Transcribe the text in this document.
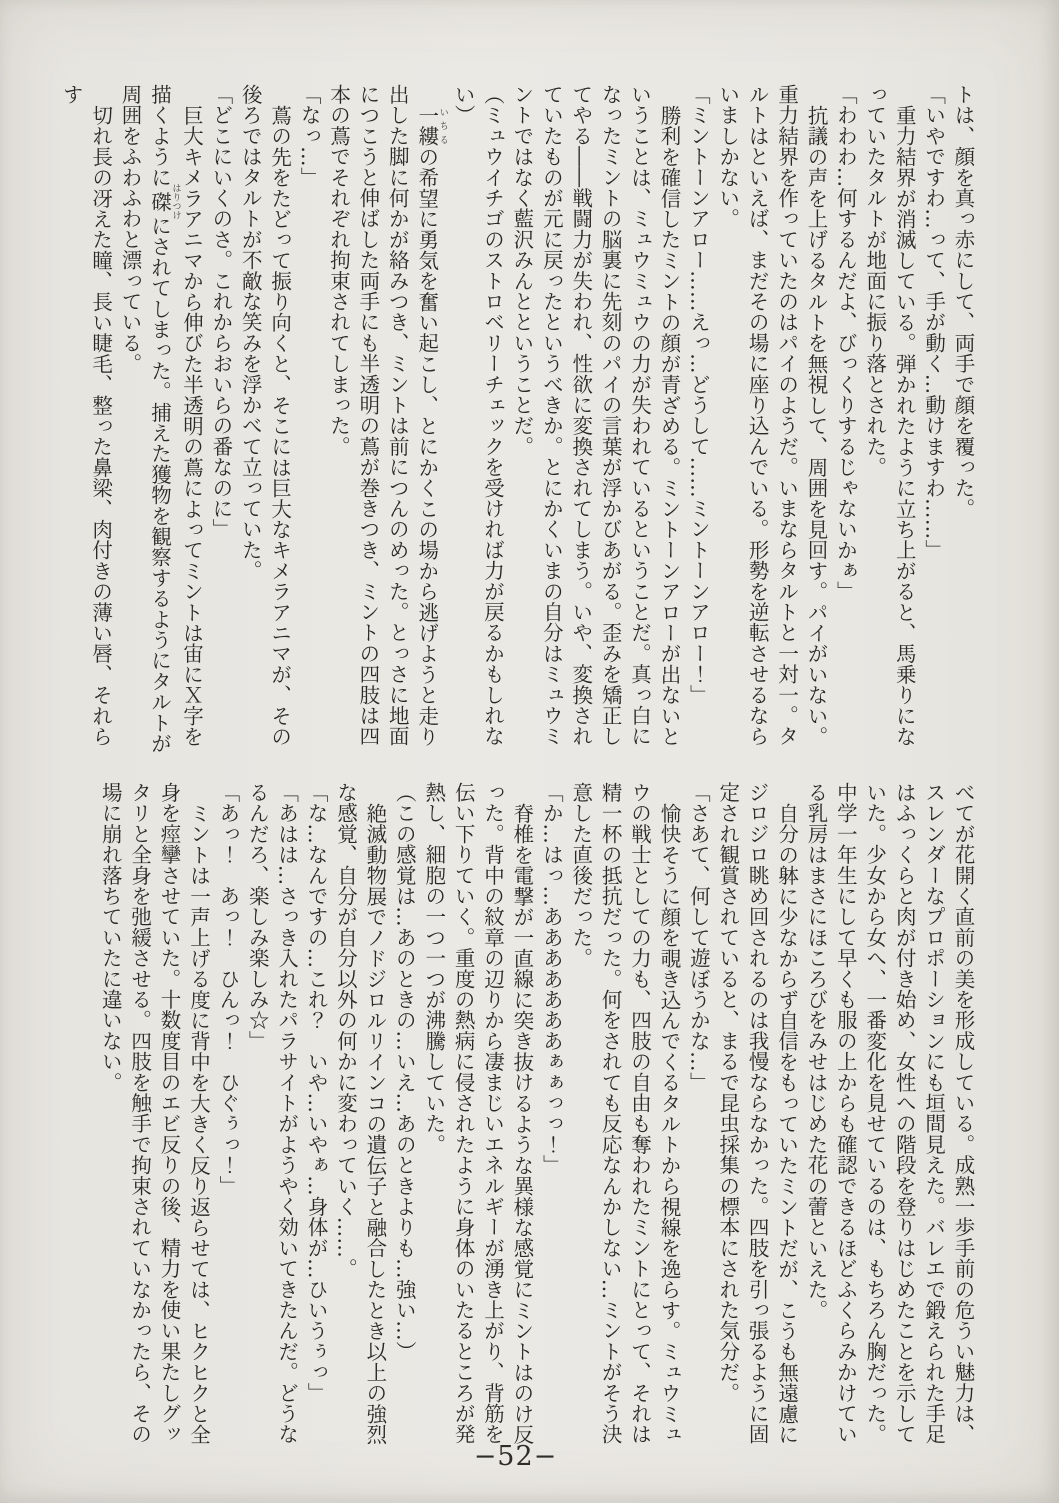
トは、顔を真っ赤にして、両手で顔を覆った。

「いやですわ…って、手が動く…動けますわ……」

重力結界が消滅している。弾かれたように立ち上がると、馬乗りになっていたタルトが地面に振り落とされた。

「わわわ…何するんだよ、びっくりするじゃないかぁ」

抗議の声を上げるタルトを無視して、周囲を見回す。パイがいない。重力結界を作っていたのはパイのようだ。いまならタルトと一対一。タルトはといえば、まだその場に座り込んでいる。形勢を逆転させるならいましかない。

「ミントーンアロー……えっ…どうして……ミントーンアロー！」

勝利を確信したミントの顔が青ざめる。ミントーンアローが出ないということは、ミュウミュウの力が失われているということだ。真っ白になったミントの脳裏に先刻のパイの言葉が浮かびあがる。歪みを矯正してやる――戦闘力が失われ、性欲に変換されてしまう。いや、変換されていたものが元に戻ったというべきか。とにかくいまの自分はミュウミントではなく藍沢みんとということだ。

（ミュウイチゴのストロベリーチェックを受ければ力が戻るかもしれない）

一縷 いちるの希望に勇気を奮い起こし、とにかくこの場から逃げようと走り出した脚に何かが絡みつき、ミントは前につんのめった。とっさに地面につこうと伸ばした両手にも半透明の蔦が巻きつき、ミントの四肢は四本の蔦でそれぞれ拘束されてしまった。

「なっ…」

蔦の先をたどって振り向くと、そこには巨大なキメラアニマが、その後ろではタルトが不敵な笑みを浮かべて立っていた。

「どこにいくのさ。これからおいらの番なのに」

巨大キメラアニマから伸びた半透明の蔦によってミントは宙にＸ字を描くように磔 はりつけにされてしまった。捕えた獲物を観察するようにタルトが周囲をふわふわと漂っている。

切れ長の冴えた瞳、長い睫毛、整った鼻梁、肉付きの薄い唇、それらす

べてが花開く直前の美を形成している。成熟一歩手前の危うい魅力は、スレンダーなプロポーションにも垣間見えた。バレエで鍛えられた手足はふっくらと肉が付き始め、女性への階段を登りはじめたことを示していた。少女から女へ、一番変化を見せているのは、もちろん胸だった。中学一年生にして早くも服の上からも確認できるほどふくらみかけている乳房はまさにほころびをみせはじめた花の蕾といえた。

自分の躰に少なからず自信をもっていたミントだが、こうも無遠慮にジロジロ眺め回されるのは我慢ならなかった。四肢を引っ張るように固定され観賞されていると、まるで昆虫採集の標本にされた気分だ。

「さあて、何して遊ぼうかな…」

愉快そうに顔を覗き込んでくるタルトから視線を逸らす。ミュウミュウの戦士としての力も、四肢の自由も奪われたミントにとって、それは精一杯の抵抗だった。何をされても反応なんかしない…ミントがそう決意した直後だった。

「か…はっ…あああああああぁぁっっ！」

脊椎を電撃が一直線に突き抜けるような異様な感覚にミントはのけ反った。背中の紋章の辺りから凄まじいエネルギーが湧き上がり、背筋を伝い下りていく。重度の熱病に侵されたように身体のいたるところが発熱し、細胞の一つ一つが沸騰していた。

（この感覚は…あのときの…いえ…あのときよりも…強い…）

絶滅動物展でノドジロルリインコの遺伝子と融合したとき以上の強烈な感覚、自分が自分以外の何かに変わっていく……。

「な…なんですの…これ？　いや…いやぁ…身体が…ひいうぅっ」

「あはは…さっき入れたパラサイトがようやく効いてきたんだ。どうなるんだろ、楽しみ楽しみ☆」

「あっ！　あっ！　ひんっ！　ひぐぅっ！」

ミントは一声上げる度に背中を大きく反り返らせては、ヒクヒクと全身を痙攣させていた。十数度目のエビ反りの後、精力を使い果たしグッタリと全身を弛緩させる。四肢を触手で拘束されていなかったら、その場に崩れ落ちていたに違いない。

−52−
